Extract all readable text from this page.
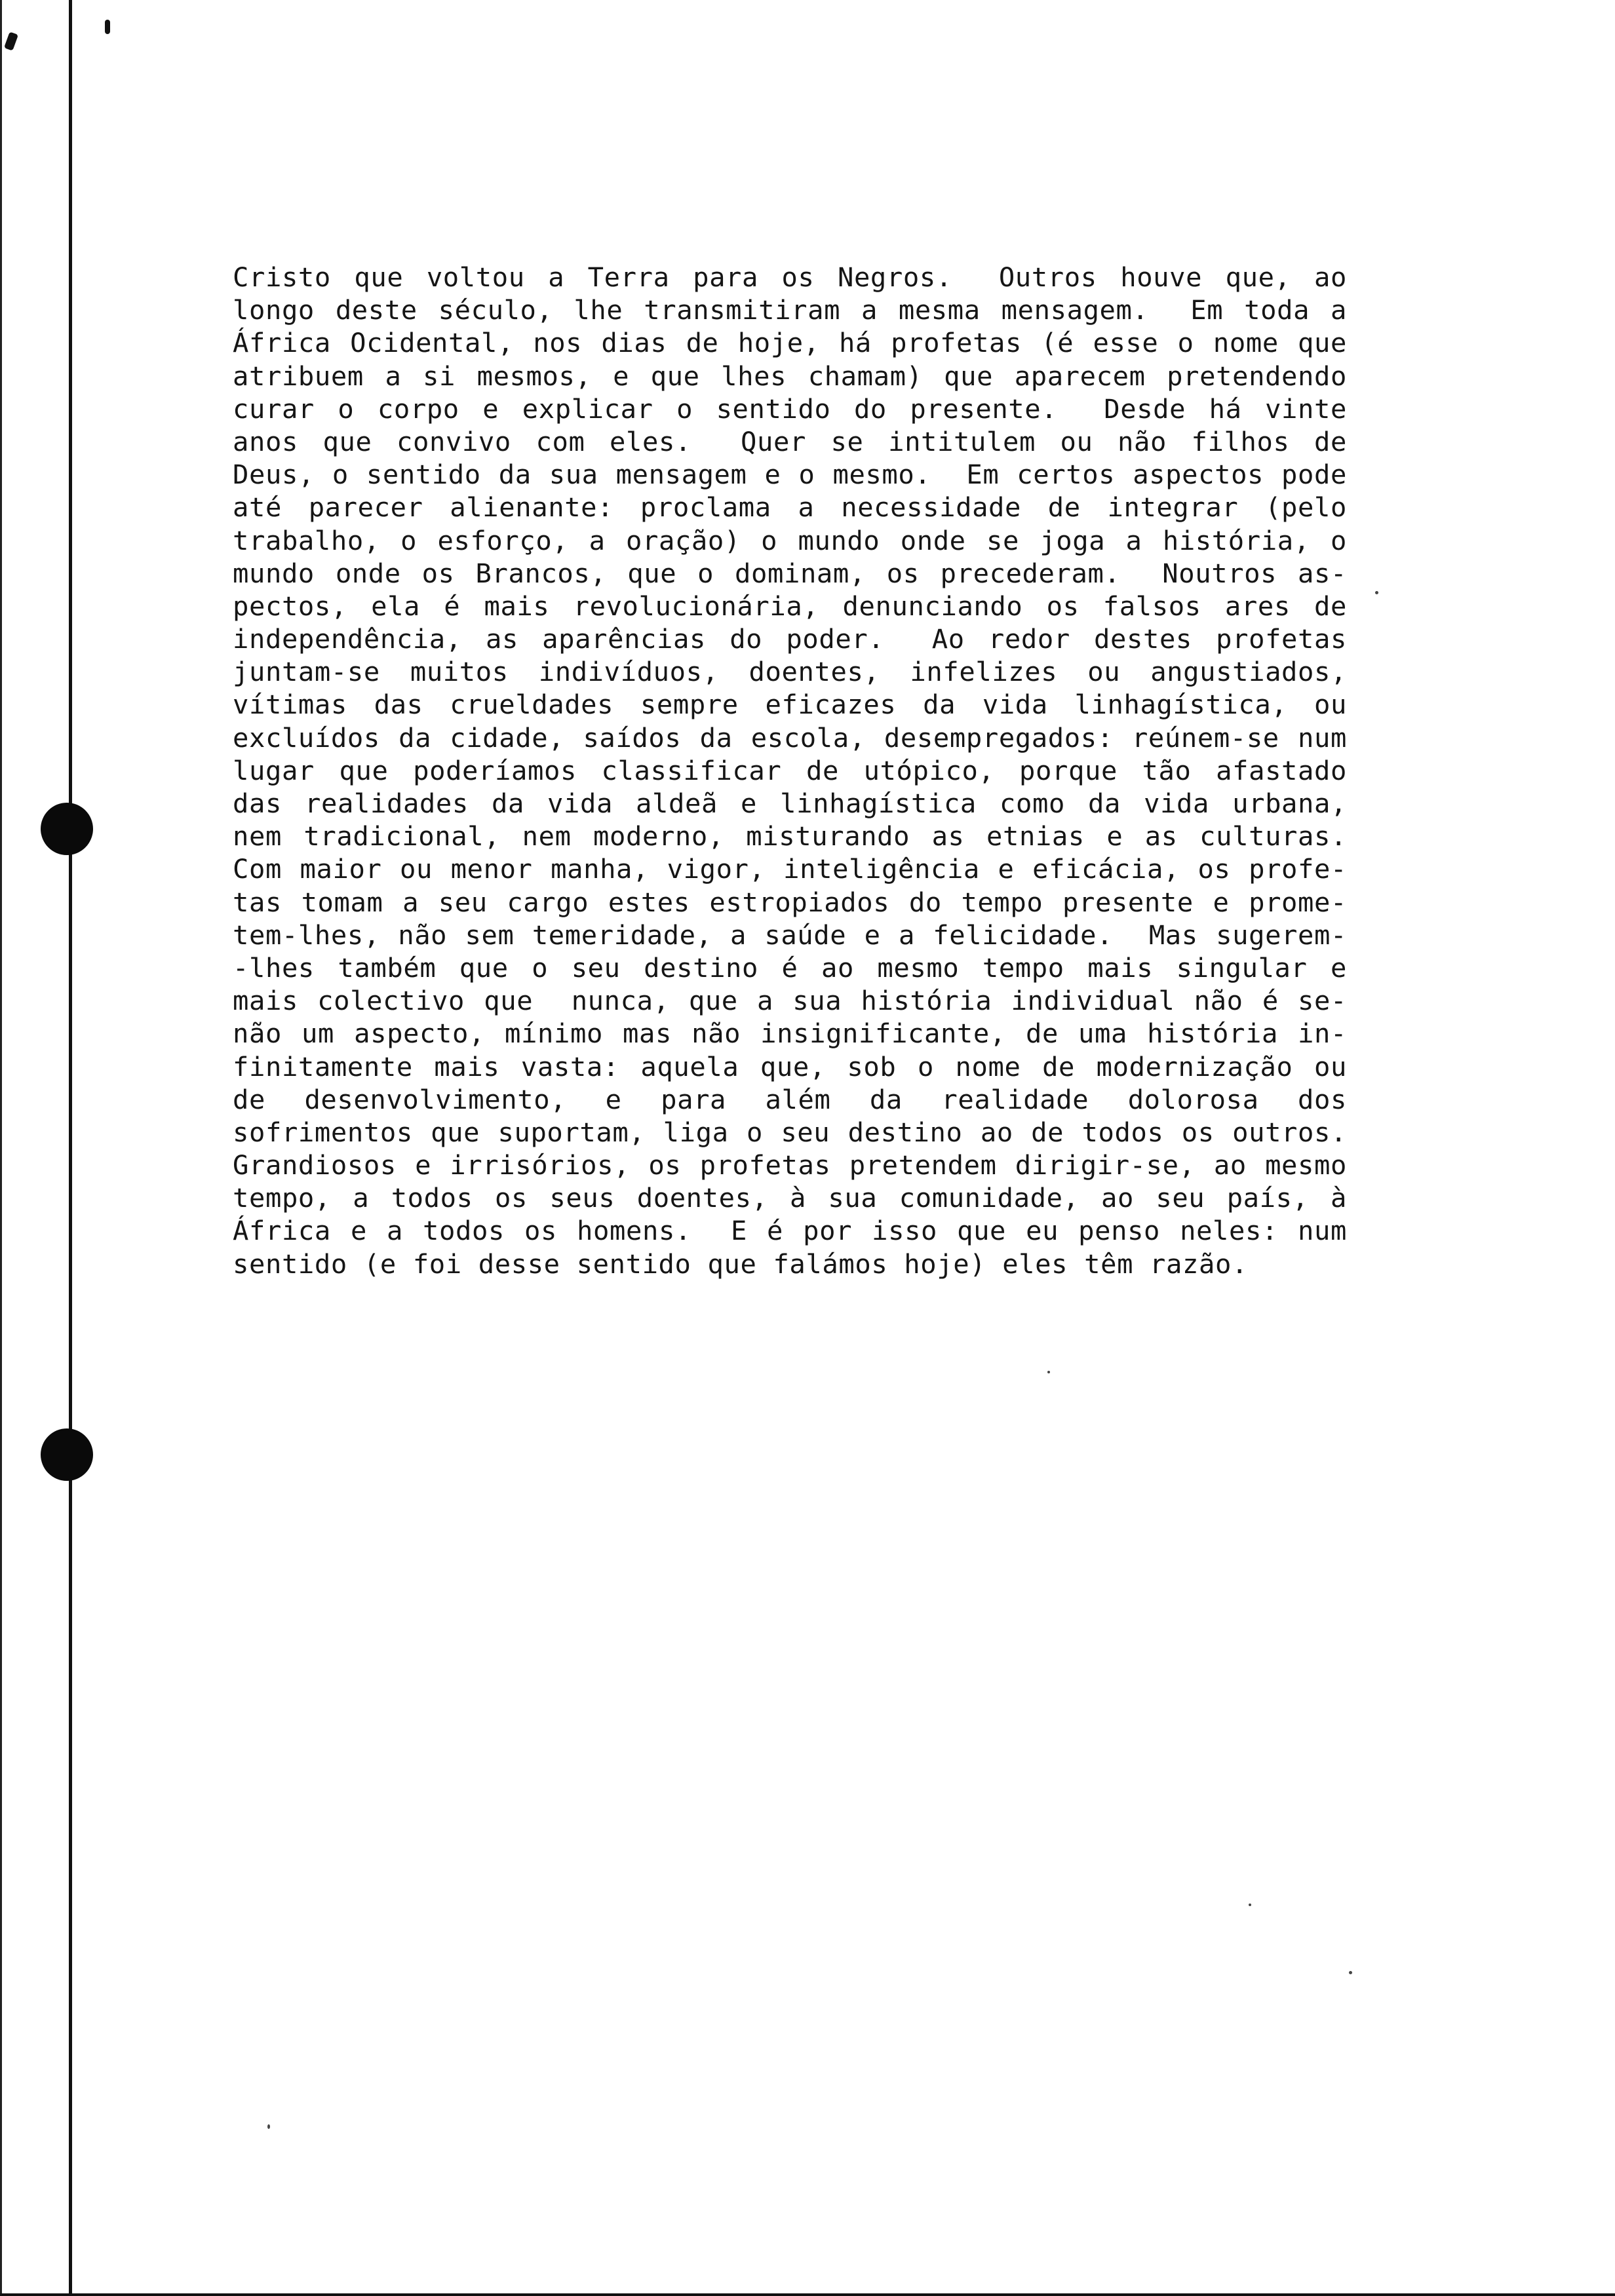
Cristo que voltou a Terra para os Negros.  Outros houve que, ao
longo deste século, lhe transmitiram a mesma mensagem.  Em toda a
África Ocidental, nos dias de hoje, há profetas (é esse o nome que
atribuem a si mesmos, e que lhes chamam) que aparecem pretendendo
curar o corpo e explicar o sentido do presente.  Desde há vinte
anos que convivo com eles.  Quer se intitulem ou não filhos de
Deus, o sentido da sua mensagem e o mesmo.  Em certos aspectos pode
até parecer alienante: proclama a necessidade de integrar (pelo
trabalho, o esforço, a oração) o mundo onde se joga a história, o
mundo onde os Brancos, que o dominam, os precederam.  Noutros as-
pectos, ela é mais revolucionária, denunciando os falsos ares de
independência, as aparências do poder.  Ao redor destes profetas
juntam-se muitos indivíduos, doentes, infelizes ou angustiados,
vítimas das crueldades sempre eficazes da vida linhagística, ou
excluídos da cidade, saídos da escola, desempregados: reúnem-se num
lugar que poderíamos classificar de utópico, porque tão afastado
das realidades da vida aldeã e linhagística como da vida urbana,
nem tradicional, nem moderno, misturando as etnias e as culturas.
Com maior ou menor manha, vigor, inteligência e eficácia, os profe-
tas tomam a seu cargo estes estropiados do tempo presente e prome-
tem-lhes, não sem temeridade, a saúde e a felicidade.  Mas sugerem-
-lhes também que o seu destino é ao mesmo tempo mais singular e
mais colectivo que  nunca, que a sua história individual não é se-
não um aspecto, mínimo mas não insignificante, de uma história in-
finitamente mais vasta: aquela que, sob o nome de modernização ou
de desenvolvimento, e para além da realidade dolorosa dos
sofrimentos que suportam, liga o seu destino ao de todos os outros.
Grandiosos e irrisórios, os profetas pretendem dirigir-se, ao mesmo
tempo, a todos os seus doentes, à sua comunidade, ao seu país, à
África e a todos os homens.  E é por isso que eu penso neles: num
sentido (e foi desse sentido que falámos hoje) eles têm razão.
